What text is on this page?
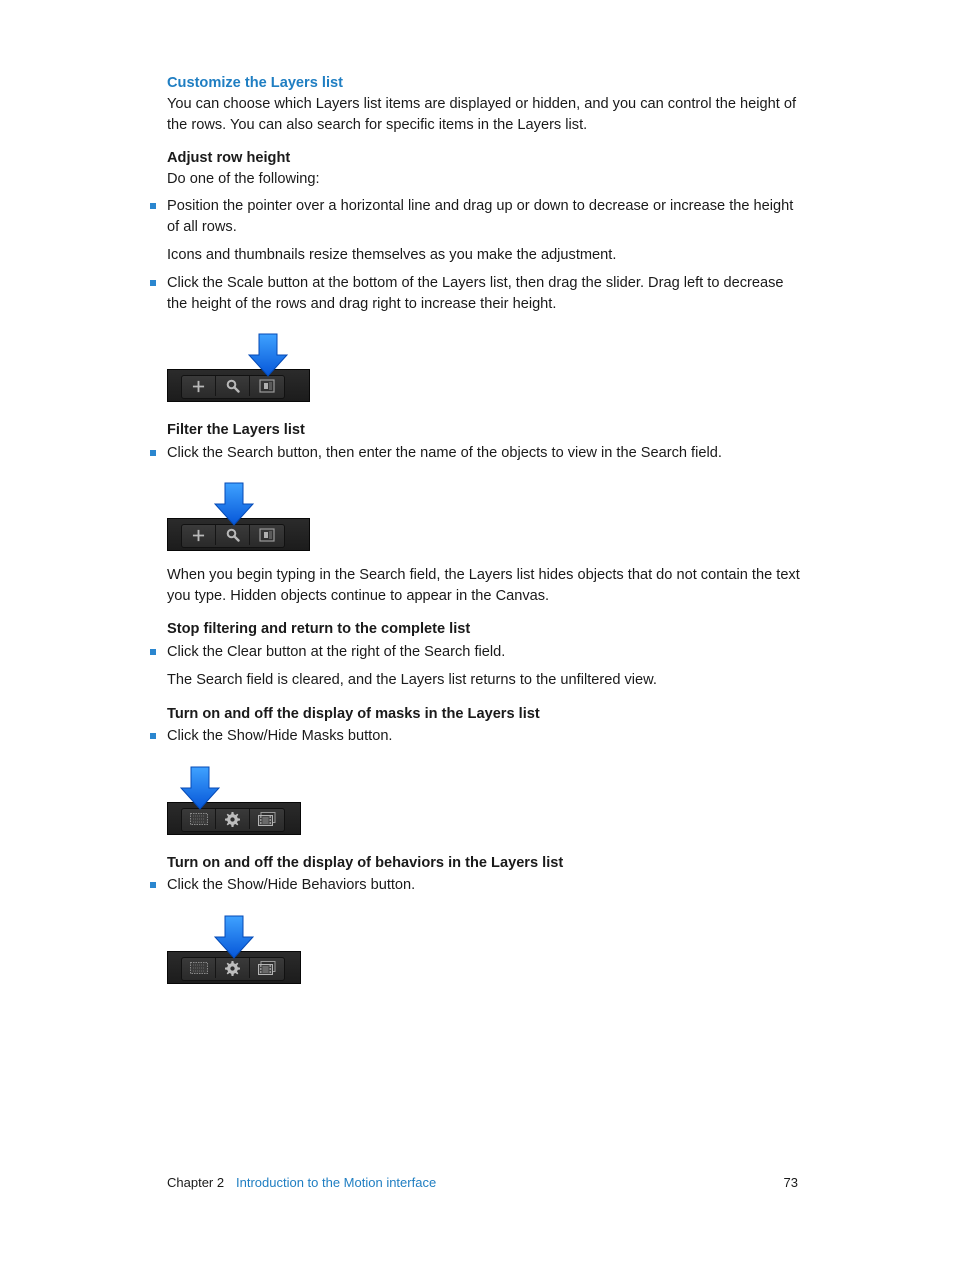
Customize the Layers list

You can choose which Layers list items are displayed or hidden, and you can control the height of the rows. You can also search for specific items in the Layers list.

Adjust row height

Do one of the following:

Position the pointer over a horizontal line and drag up or down to decrease or increase the height of all rows.

Icons and thumbnails resize themselves as you make the adjustment.

Click the Scale button at the bottom of the Layers list, then drag the slider. Drag left to decrease the height of the rows and drag right to increase their height.

Filter the Layers list

Click the Search button, then enter the name of the objects to view in the Search field.

When you begin typing in the Search field, the Layers list hides objects that do not contain the text you type. Hidden objects continue to appear in the Canvas.

Stop filtering and return to the complete list

Click the Clear button at the right of the Search field.

The Search field is cleared, and the Layers list returns to the unfiltered view.

Turn on and off the display of masks in the Layers list

Click the Show/Hide Masks button.

Turn on and off the display of behaviors in the Layers list

Click the Show/Hide Behaviors button.

Chapter 2 Introduction to the Motion interface	73
